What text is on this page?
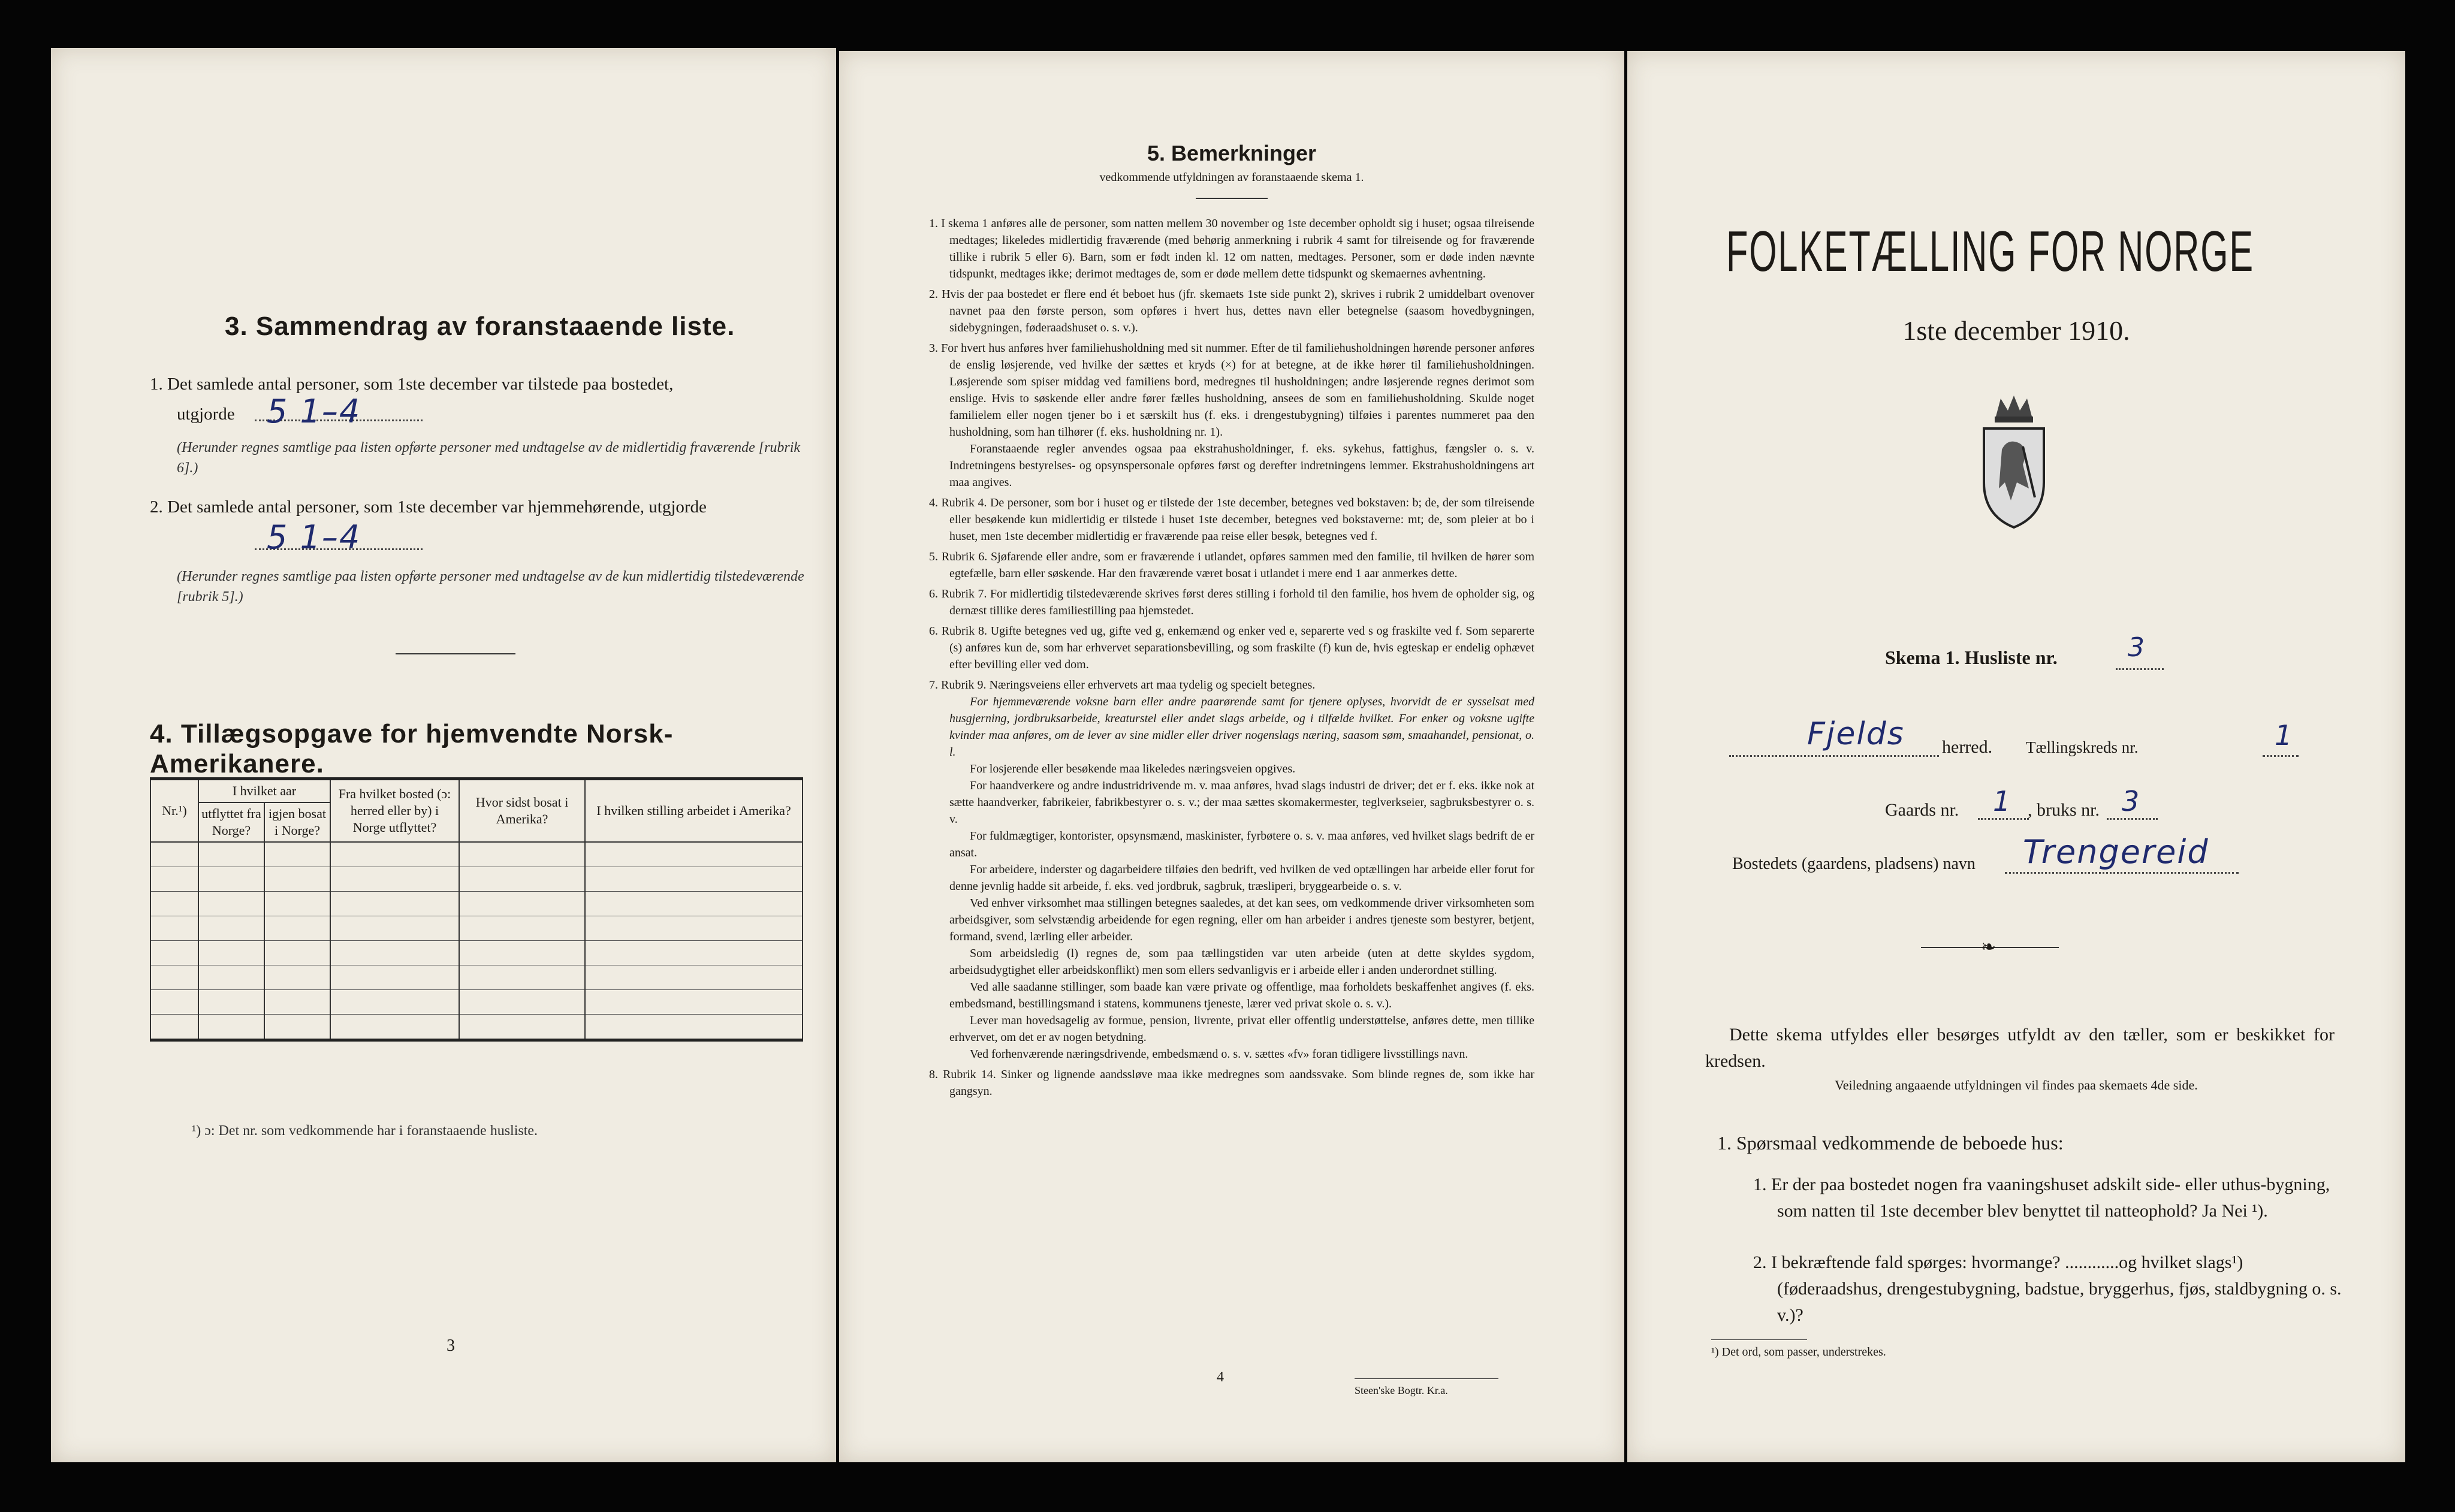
3. Sammendrag av foranstaaende liste.
1. Det samlede antal personer, som 1ste december var tilstede paa bostedet,
utgjorde 5 1–4
(Herunder regnes samtlige paa listen opførte personer med undtagelse av de midlertidig fraværende [rubrik 6].)
2. Det samlede antal personer, som 1ste december var hjemmehørende, utgjorde
5 1–4
(Herunder regnes samtlige paa listen opførte personer med undtagelse av de kun midlertidig tilstedeværende [rubrik 5].)
4. Tillægsopgave for hjemvendte Norsk-Amerikanere.
Nr.¹)	I hvilket aar		Fra hvilket bosted (ɔ: herred eller by) i Norge utflyttet?	Hvor sidst bosat i Amerika?	I hvilken stilling arbeidet i Amerika?
	utflyttet fra Norge?	igjen bosat i Norge?			

¹) ɔ: Det nr. som vedkommende har i foranstaaende husliste.
3
5. Bemerkninger
vedkommende utfyldningen av foranstaaende skema 1.

1. I skema 1 anføres alle de personer, som natten mellem 30 november og 1ste december opholdt sig i huset; ogsaa tilreisende medtages; likeledes midlertidig fraværende (med behørig anmerkning i rubrik 4 samt for tilreisende og for fraværende tillike i rubrik 5 eller 6). Barn, som er født inden kl. 12 om natten, medtages. Personer, som er døde inden nævnte tidspunkt, medtages ikke; derimot medtages de, som er døde mellem dette tidspunkt og skemaernes avhentning.

2. Hvis der paa bostedet er flere end ét beboet hus (jfr. skemaets 1ste side punkt 2), skrives i rubrik 2 umiddelbart ovenover navnet paa den første person, som opføres i hvert hus, dettes navn eller betegnelse (saasom hovedbygningen, sidebygningen, føderaadshuset o. s. v.).

3. For hvert hus anføres hver familiehusholdning med sit nummer. Efter de til familiehusholdningen hørende personer anføres de enslig løsjerende, ved hvilke der sættes et kryds (×) for at betegne, at de ikke hører til familiehusholdningen. Løsjerende som spiser middag ved familiens bord, medregnes til husholdningen; andre løsjerende regnes derimot som enslige. Hvis to søskende eller andre fører fælles husholdning, ansees de som en familiehusholdning. Skulde noget familielem eller nogen tjener bo i et særskilt hus (f. eks. i drengestubygning) tilføies i parentes nummeret paa den husholdning, som han tilhører (f. eks. husholdning nr. 1).

Foranstaaende regler anvendes ogsaa paa ekstrahusholdninger, f. eks. sykehus, fattighus, fængsler o. s. v. Indretningens bestyrelses- og opsynspersonale opføres først og derefter indretningens lemmer. Ekstrahusholdningens art maa angives.

4. Rubrik 4. De personer, som bor i huset og er tilstede der 1ste december, betegnes ved bokstaven: b; de, der som tilreisende eller besøkende kun midlertidig er tilstede i huset 1ste december, betegnes ved bokstaverne: mt; de, som pleier at bo i huset, men 1ste december midlertidig er fraværende paa reise eller besøk, betegnes ved f.

5. Rubrik 6. Sjøfarende eller andre, som er fraværende i utlandet, opføres sammen med den familie, til hvilken de hører som egtefælle, barn eller søskende. Har den fraværende været bosat i utlandet i mere end 1 aar anmerkes dette.

6. Rubrik 7. For midlertidig tilstedeværende skrives først deres stilling i forhold til den familie, hos hvem de opholder sig, og dernæst tillike deres familiestilling paa hjemstedet.

6. Rubrik 8. Ugifte betegnes ved ug, gifte ved g, enkemænd og enker ved e, separerte ved s og fraskilte ved f. Som separerte (s) anføres kun de, som har erhvervet separationsbevilling, og som fraskilte (f) kun de, hvis egteskap er endelig ophævet efter bevilling eller ved dom.

7. Rubrik 9. Næringsveiens eller erhvervets art maa tydelig og specielt betegnes.

For hjemmeværende voksne barn eller andre paarørende samt for tjenere oplyses, hvorvidt de er sysselsat med husgjerning, jordbruksarbeide, kreaturstel eller andet slags arbeide, og i tilfælde hvilket. For enker og voksne ugifte kvinder maa anføres, om de lever av sine midler eller driver nogenslags næring, saasom søm, smaahandel, pensionat, o. l.

For losjerende eller besøkende maa likeledes næringsveien opgives.

For haandverkere og andre industridrivende m. v. maa anføres, hvad slags industri de driver; det er f. eks. ikke nok at sætte haandverker, fabrikeier, fabrikbestyrer o. s. v.; der maa sættes skomakermester, teglverkseier, sagbruksbestyrer o. s. v.

For fuldmægtiger, kontorister, opsynsmænd, maskinister, fyrbøtere o. s. v. maa anføres, ved hvilket slags bedrift de er ansat.

For arbeidere, inderster og dagarbeidere tilføies den bedrift, ved hvilken de ved optællingen har arbeide eller forut for denne jevnlig hadde sit arbeide, f. eks. ved jordbruk, sagbruk, træsliperi, bryggearbeide o. s. v.

Ved enhver virksomhet maa stillingen betegnes saaledes, at det kan sees, om vedkommende driver virksomheten som arbeidsgiver, som selvstændig arbeidende for egen regning, eller om han arbeider i andres tjeneste som bestyrer, betjent, formand, svend, lærling eller arbeider.

Som arbeidsledig (l) regnes de, som paa tællingstiden var uten arbeide (uten at dette skyldes sygdom, arbeidsudygtighet eller arbeidskonflikt) men som ellers sedvanligvis er i arbeide eller i anden underordnet stilling.

Ved alle saadanne stillinger, som baade kan være private og offentlige, maa forholdets beskaffenhet angives (f. eks. embedsmand, bestillingsmand i statens, kommunens tjeneste, lærer ved privat skole o. s. v.).

Lever man hovedsagelig av formue, pension, livrente, privat eller offentlig understøttelse, anføres dette, men tillike erhvervet, om det er av nogen betydning.

Ved forhenværende næringsdrivende, embedsmænd o. s. v. sættes «fv» foran tidligere livsstillings navn.

8. Rubrik 14. Sinker og lignende aandssløve maa ikke medregnes som aandssvake. Som blinde regnes de, som ikke har gangsyn.

4
Steen'ske Bogtr. Kr.a.
FOLKETÆLLING FOR NORGE
1ste december 1910.
Skema 1. Husliste nr.	3
Fjelds herred. Tællingskreds nr.	1
Gaards nr. 1 , bruks nr. 3
Bostedets (gaardens, pladsens) navn Trengereid
❧
Dette skema utfyldes eller besørges utfyldt av den tæller, som er beskikket for kredsen.
Veiledning angaaende utfyldningen vil findes paa skemaets 4de side.
1. Spørsmaal vedkommende de beboede hus:
1. Er der paa bostedet nogen fra vaaningshuset adskilt side- eller uthus-bygning, som natten til 1ste december blev benyttet til natteophold? Ja Nei ¹).
2. I bekræftende fald spørges: hvormange? ............og hvilket slags¹) (føderaadshus, drengestubygning, badstue, bryggerhus, fjøs, staldbygning o. s. v.)?
¹) Det ord, som passer, understrekes.
